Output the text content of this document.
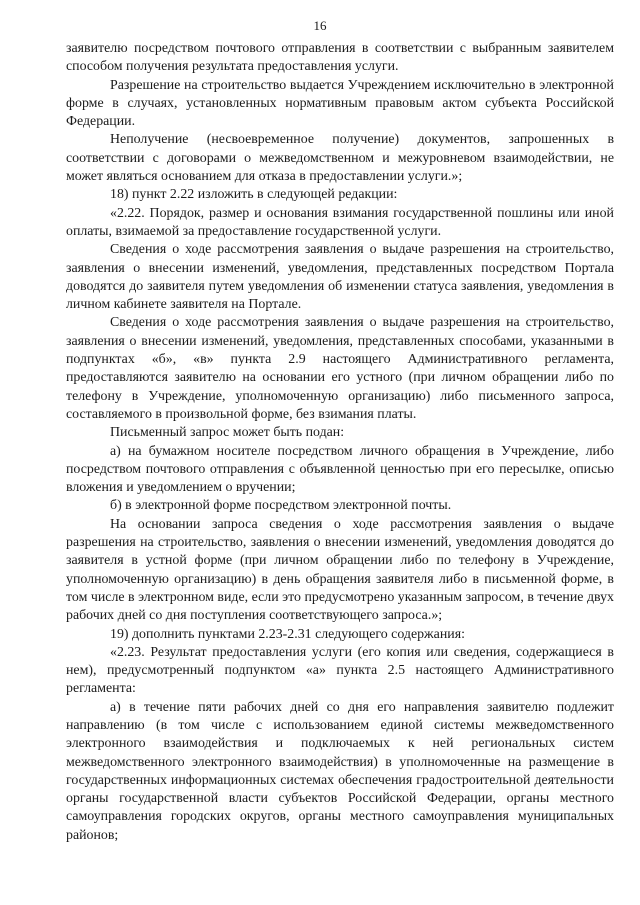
16

заявителю посредством почтового отправления в соответствии с выбранным заявителем способом получения результата предоставления услуги.

Разрешение на строительство выдается Учреждением исключительно в электронной форме в случаях, установленных нормативным правовым актом субъекта Российской Федерации.

Неполучение (несвоевременное получение) документов, запрошенных в соответствии с договорами о межведомственном и межуровневом взаимодействии, не может являться основанием для отказа в предоставлении услуги.»;

18) пункт 2.22 изложить в следующей редакции:

«2.22. Порядок, размер и основания взимания государственной пошлины или иной оплаты, взимаемой за предоставление государственной услуги.

Сведения о ходе рассмотрения заявления о выдаче разрешения на строительство, заявления о внесении изменений, уведомления, представленных посредством Портала доводятся до заявителя путем уведомления об изменении статуса заявления, уведомления в личном кабинете заявителя на Портале.

Сведения о ходе рассмотрения заявления о выдаче разрешения на строительство, заявления о внесении изменений, уведомления, представленных способами, указанными в подпунктах «б», «в» пункта 2.9 настоящего Административного регламента, предоставляются заявителю на основании его устного (при личном обращении либо по телефону в Учреждение, уполномоченную организацию) либо письменного запроса, составляемого в произвольной форме, без взимания платы.

Письменный запрос может быть подан:

а) на бумажном носителе посредством личного обращения в Учреждение, либо посредством почтового отправления с объявленной ценностью при его пересылке, описью вложения и уведомлением о вручении;

б) в электронной форме посредством электронной почты.

На основании запроса сведения о ходе рассмотрения заявления о выдаче разрешения на строительство, заявления о внесении изменений, уведомления доводятся до заявителя в устной форме (при личном обращении либо по телефону в Учреждение, уполномоченную организацию) в день обращения заявителя либо в письменной форме, в том числе в электронном виде, если это предусмотрено указанным запросом, в течение двух рабочих дней со дня поступления соответствующего запроса.»;

19) дополнить пунктами 2.23-2.31 следующего содержания:

«2.23. Результат предоставления услуги (его копия или сведения, содержащиеся в нем), предусмотренный подпунктом «а» пункта 2.5 настоящего Административного регламента:

а) в течение пяти рабочих дней со дня его направления заявителю подлежит направлению (в том числе с использованием единой системы межведомственного электронного взаимодействия и подключаемых к ней региональных систем межведомственного электронного взаимодействия) в уполномоченные на размещение в государственных информационных системах обеспечения градостроительной деятельности органы государственной власти субъектов Российской Федерации, органы местного самоуправления городских округов, органы местного самоуправления муниципальных районов;
